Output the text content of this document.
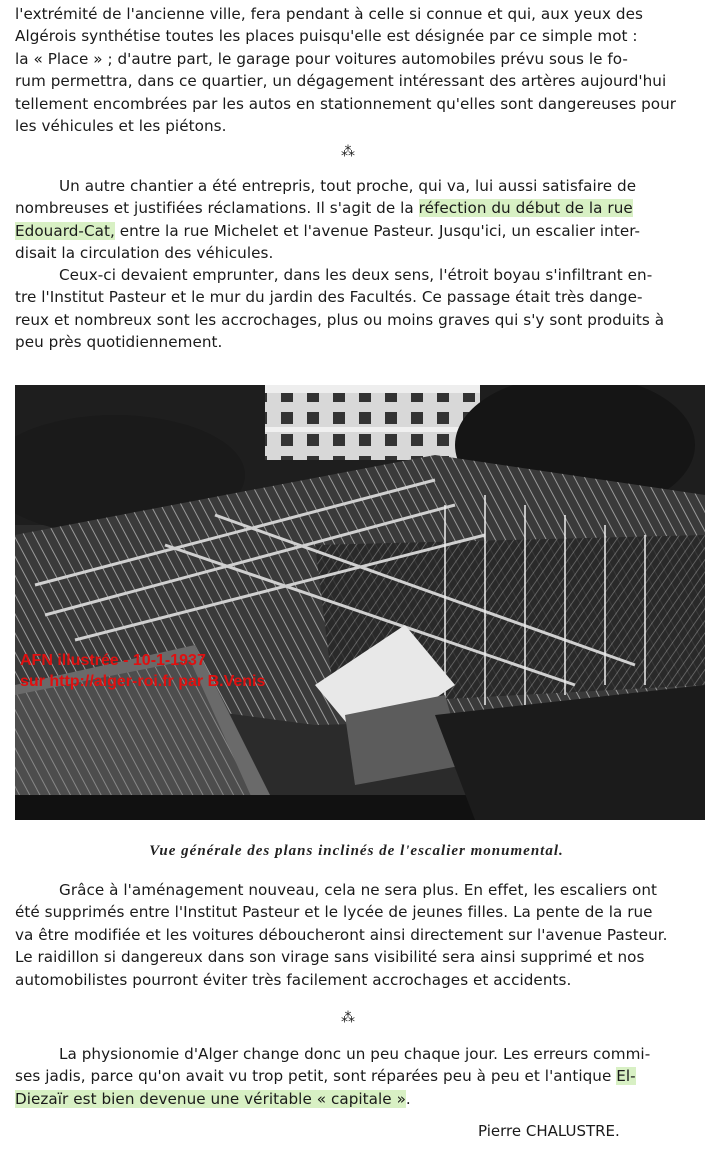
l'extrémité de l'ancienne ville, fera pendant à celle si connue et qui, aux yeux des
Algérois synthétise toutes les places puisqu'elle est désignée par ce simple mot :
la « Place » ; d'autre part, le garage pour voitures automobiles prévu sous le fo-
rum permettra, dans ce quartier, un dégagement intéressant des artères aujourd'hui
tellement encombrées par les autos en stationnement qu'elles sont dangereuses pour
les véhicules et les piétons.
⁂
Un autre chantier a été entrepris, tout proche, qui va, lui aussi satisfaire de
nombreuses et justifiées réclamations. Il s'agit de la réfection du début de la rue
Edouard-Cat, entre la rue Michelet et l'avenue Pasteur. Jusqu'ici, un escalier inter-
disait la circulation des véhicules.
Ceux-ci devaient emprunter, dans les deux sens, l'étroit boyau s'infiltrant en-
tre l'Institut Pasteur et le mur du jardin des Facultés. Ce passage était très dange-
reux et nombreux sont les accrochages, plus ou moins graves qui s'y sont produits à
peu près quotidiennement.
AFN illustrée - 10-1-1937
sur http://alger-roi.fr par B.Venis
Vue générale des plans inclinés de l'escalier monumental.
Grâce à l'aménagement nouveau, cela ne sera plus. En effet, les escaliers ont
été supprimés entre l'Institut Pasteur et le lycée de jeunes filles. La pente de la rue
va être modifiée et les voitures déboucheront ainsi directement sur l'avenue Pasteur.
Le raidillon si dangereux dans son virage sans visibilité sera ainsi supprimé et nos
automobilistes pourront éviter très facilement accrochages et accidents.
⁂
La physionomie d'Alger change donc un peu chaque jour. Les erreurs commi-
ses jadis, parce qu'on avait vu trop petit, sont réparées peu à peu et l'antique El-
Diezaïr est bien devenue une véritable « capitale ».
Pierre CHALUSTRE.
